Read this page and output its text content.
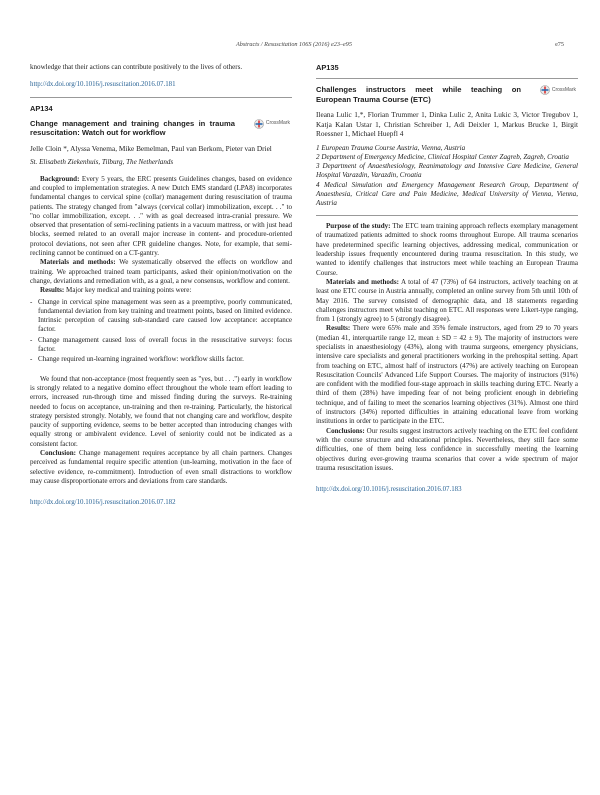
Abstracts / Resuscitation 106S (2016) e23–e95	e75

knowledge that their actions can contribute positively to the lives of others.

http://dx.doi.org/10.1016/j.resuscitation.2016.07.181

AP134

Change management and training changes in trauma resuscitation: Watch out for workflow

CrossMark

Jelle Cloin *, Alyssa Venema, Mike Bemelman, Paul van Berkom, Pieter van Driel

St. Elisabeth Ziekenhuis, Tilburg, The Netherlands

Background: Every 5 years, the ERC presents Guidelines changes, based on evidence and coupled to implementation strategies. A new Dutch EMS standard (LPA8) incorporates fundamental changes to cervical spine (collar) management during resuscitation of trauma patients. The strategy changed from "always (cervical collar) immobilization, except. . ." to "no collar immobilization, except. . ." with as goal decreased intra-cranial pressure. We observed that presentation of semi-reclining patients in a vacuum mattress, or with just head blocks, seemed related to an overall major increase in content- and procedure-oriented protocol deviations, not seen after CPR guideline changes. Note, for example, that semi-reclining cannot be continued on a CT-gantry.

Materials and methods: We systematically observed the effects on workflow and training. We approached trained team participants, asked their opinion/motivation on the change, deviations and remediation with, as a goal, a new consensus, workflow and content.

Results: Major key medical and training points were:

- Change in cervical spine management was seen as a preemptive, poorly communicated, fundamental deviation from key training and treatment points, based on limited evidence. Intrinsic perception of causing sub-standard care caused low acceptance: acceptance factor.
- Change management caused loss of overall focus in the resuscitative surveys: focus factor.
- Change required un-learning ingrained workflow: workflow skills factor.

We found that non-acceptance (most frequently seen as "yes, but . . .") early in workflow is strongly related to a negative domino effect throughout the whole team effort leading to errors, increased run-through time and missed finding during the surveys. Re-training needed to focus on acceptance, un-training and then re-training. Particularly, the historical strategy persisted strongly. Notably, we found that not changing care and workflow, despite paucity of supporting evidence, seems to be better accepted than introducing changes with equally strong or ambivalent evidence. Level of seniority could not be indicated as a consistent factor.

Conclusion: Change management requires acceptance by all chain partners. Changes perceived as fundamental require specific attention (un-learning, motivation in the face of selective evidence, re-commitment). Introduction of even small distractions to workflow may cause disproportionate errors and deviations from care standards.

http://dx.doi.org/10.1016/j.resuscitation.2016.07.182

AP135

Challenges instructors meet while teaching on European Trauma Course (ETC)

CrossMark

Ileana Lulic 1,*, Florian Trummer 1, Dinka Lulic 2, Anita Lukic 3, Victor Tregubov 1, Katja Kalan Ustar 1, Christian Schreiber 1, Adi Deixler 1, Markus Brucke 1, Birgit Roessner 1, Michael Huepfl 4

1 European Trauma Course Austria, Vienna, Austria

2 Department of Emergency Medicine, Clinical Hospital Center Zagreb, Zagreb, Croatia

3 Department of Anaesthesiology, Reanimatology and Intensive Care Medicine, General Hospital Varazdin, Varazdin, Croatia

4 Medical Simulation and Emergency Management Research Group, Department of Anaesthesia, Critical Care and Pain Medicine, Medical University of Vienna, Vienna, Austria

Purpose of the study: The ETC team training approach reflects exemplary management of traumatized patients admitted to shock rooms throughout Europe. All trauma scenarios have predetermined specific learning objectives, addressing medical, communication or leadership issues frequently encountered during trauma resuscitation. In this study, we wanted to identify challenges that instructors meet while teaching an European Trauma Course.

Materials and methods: A total of 47 (73%) of 64 instructors, actively teaching on at least one ETC course in Austria annually, completed an online survey from 5th until 10th of May 2016. The survey consisted of demographic data, and 18 statements regarding challenges instructors meet whilst teaching on ETC. All responses were Likert-type ranging, from 1 (strongly agree) to 5 (strongly disagree).

Results: There were 65% male and 35% female instructors, aged from 29 to 70 years (median 41, interquartile range 12, mean ± SD = 42 ± 9). The majority of instructors were specialists in anaesthesiology (43%), along with trauma surgeons, emergency physicians, intensive care specialists and general practitioners working in the prehospital setting. Apart from teaching on ETC, almost half of instructors (47%) are actively teaching on European Resuscitation Councils' Advanced Life Support Courses. The majority of instructors (91%) are confident with the modified four-stage approach in skills teaching during ETC. Nearly a third of them (28%) have impeding fear of not being proficient enough in debriefing technique, and of failing to meet the scenarios learning objectives (31%). Almost one third of instructors (34%) reported difficulties in attaining educational leave from working institutions in order to participate in the ETC.

Conclusions: Our results suggest instructors actively teaching on the ETC feel confident with the course structure and educational principles. Nevertheless, they still face some difficulties, one of them being less confidence in successfully meeting the learning objectives during ever-growing trauma scenarios that cover a wide spectrum of major trauma resuscitation issues.

http://dx.doi.org/10.1016/j.resuscitation.2016.07.183
